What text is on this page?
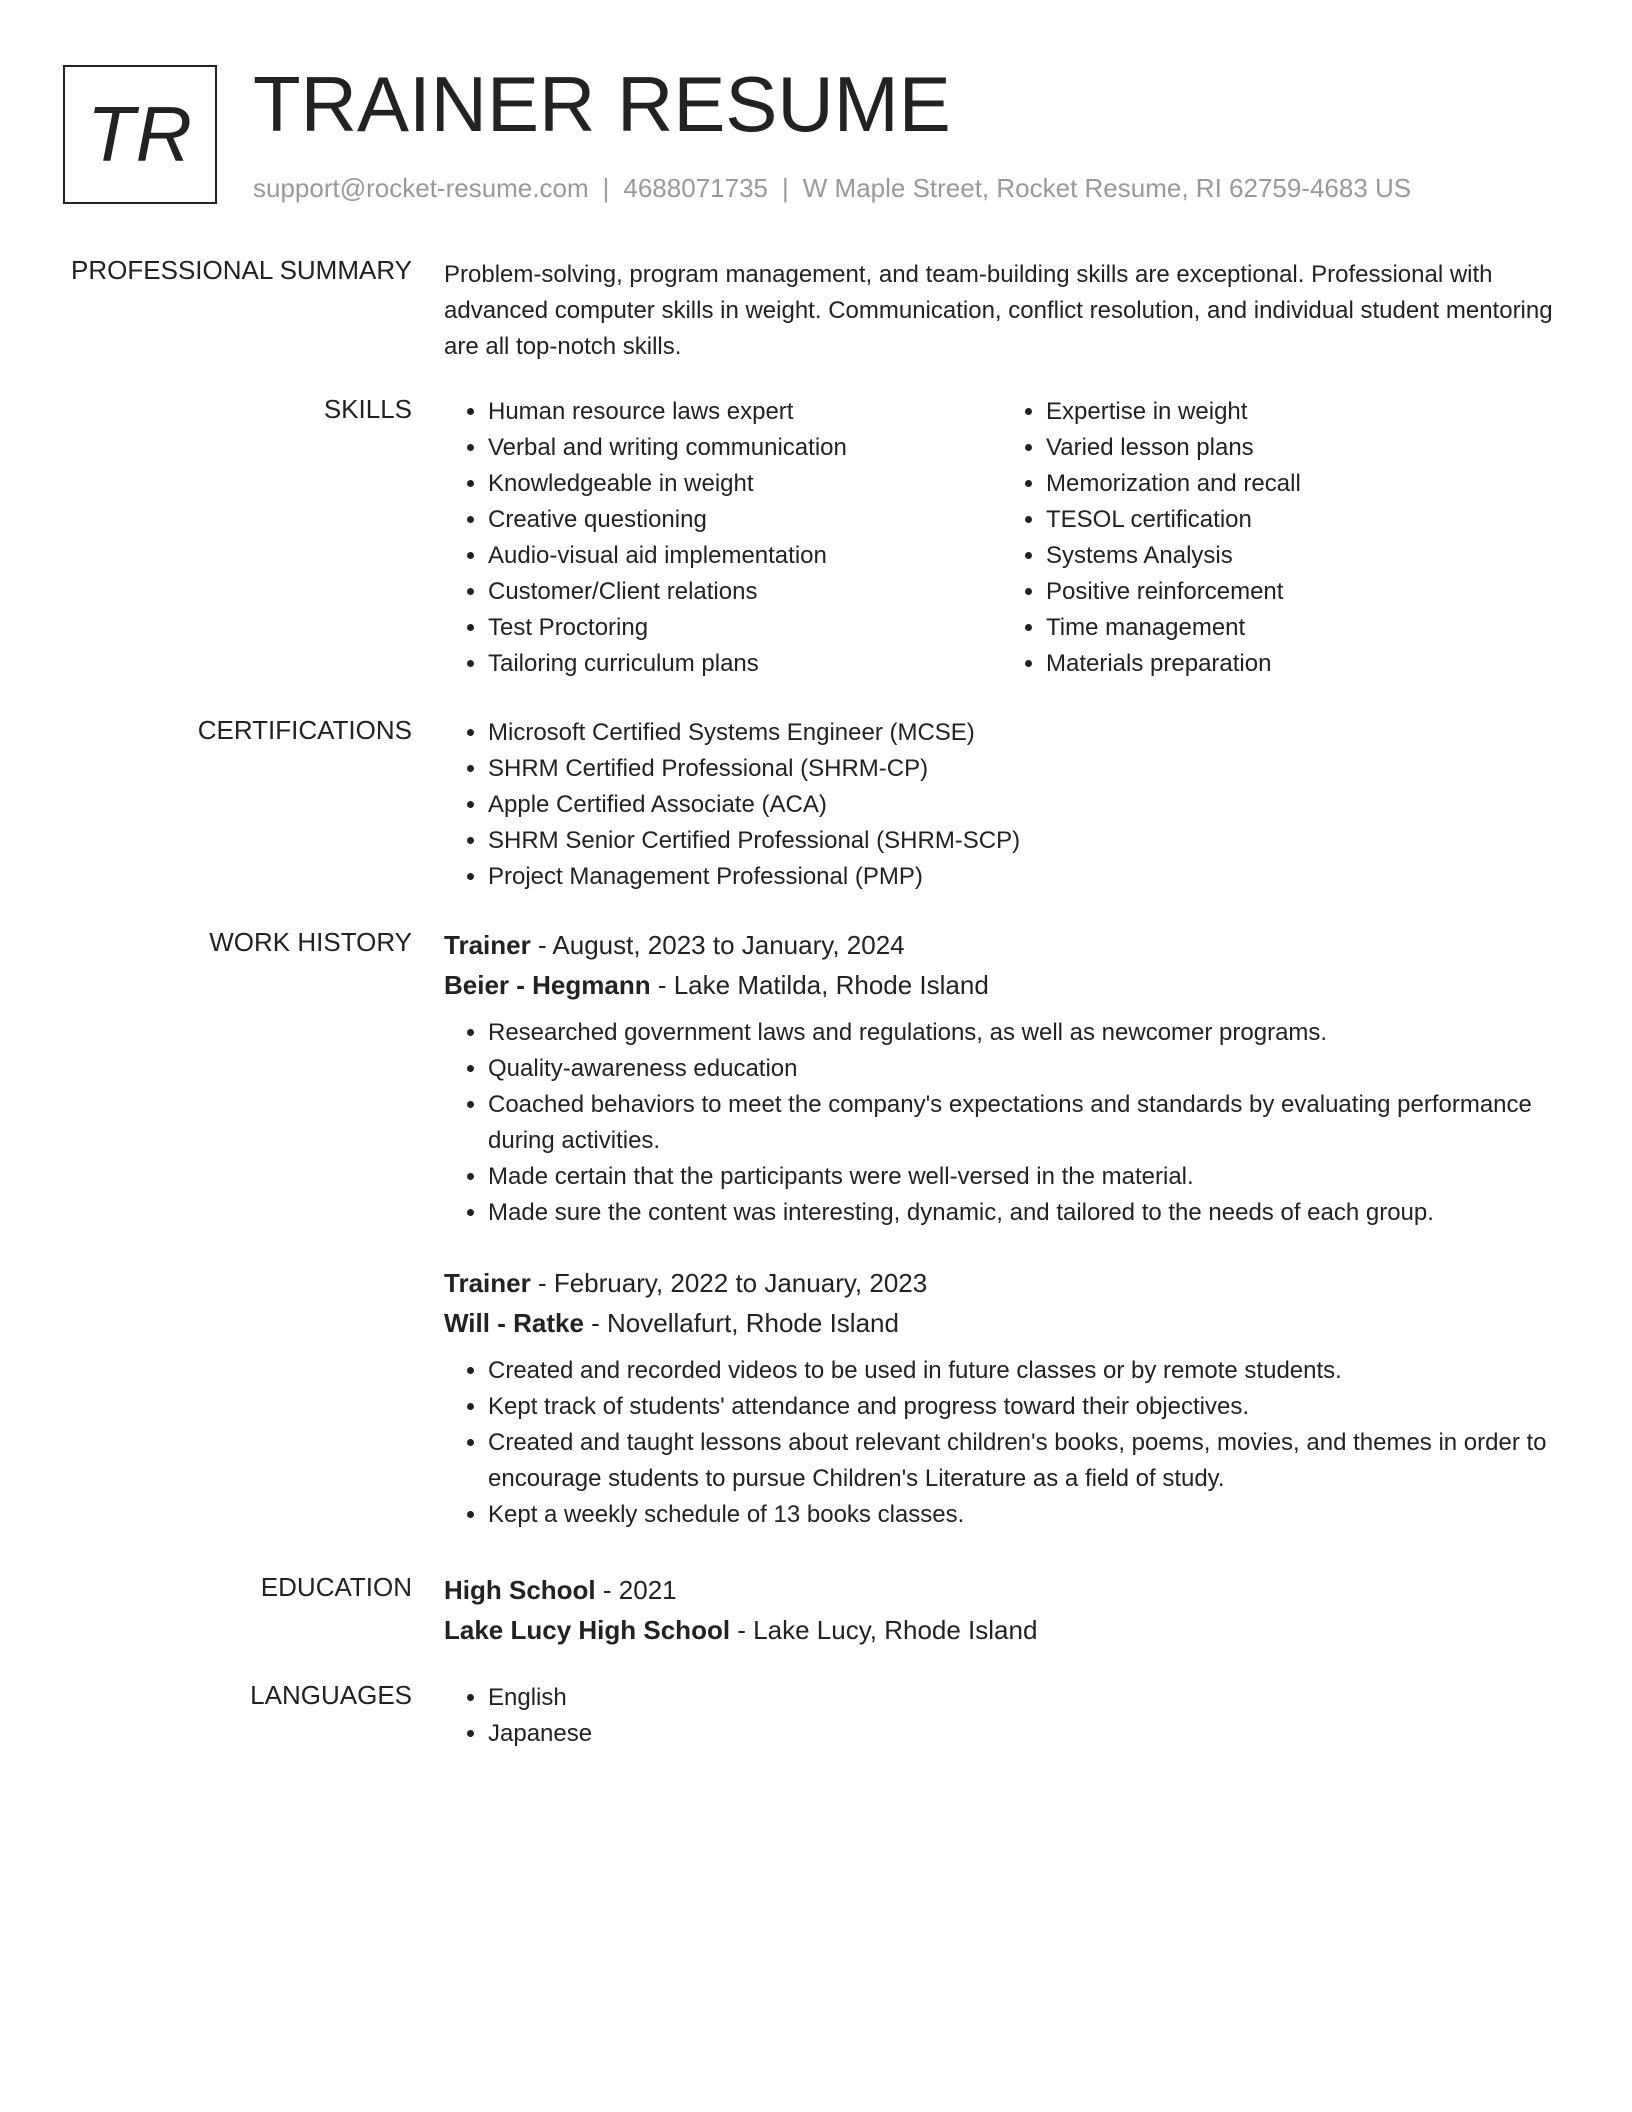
TR TRAINER RESUME
support@rocket-resume.com | 4688071735 | W Maple Street, Rocket Resume, RI 62759-4683 US
PROFESSIONAL SUMMARY Problem-solving, program management, and team-building skills are exceptional. Professional with advanced computer skills in weight. Communication, conflict resolution, and individual student mentoring are all top-notch skills.

SKILLS	• Human resource laws expert
• Verbal and writing communication
• Knowledgeable in weight
• Creative questioning
• Audio-visual aid implementation
• Customer/Client relations
• Test Proctoring
• Tailoring curriculum plans
• Expertise in weight
• Varied lesson plans
• Memorization and recall
• TESOL certification
• Systems Analysis
• Positive reinforcement
• Time management
• Materials preparation
CERTIFICATIONS	• Microsoft Certified Systems Engineer (MCSE)
• SHRM Certified Professional (SHRM-CP)
• Apple Certified Associate (ACA)
• SHRM Senior Certified Professional (SHRM-SCP)
• Project Management Professional (PMP)
WORK HISTORY Trainer - August, 2023 to January, 2024
Beier - Hegmann - Lake Matilda, Rhode Island
• Researched government laws and regulations, as well as newcomer programs.
• Quality-awareness education
• Coached behaviors to meet the company's expectations and standards by evaluating performance during activities.
• Made certain that the participants were well-versed in the material.
• Made sure the content was interesting, dynamic, and tailored to the needs of each group.
Trainer - February, 2022 to January, 2023
Will - Ratke - Novellafurt, Rhode Island
• Created and recorded videos to be used in future classes or by remote students.
• Kept track of students' attendance and progress toward their objectives.
• Created and taught lessons about relevant children's books, poems, movies, and themes in order to encourage students to pursue Children's Literature as a field of study.
• Kept a weekly schedule of 13 books classes.
EDUCATION High School - 2021
Lake Lucy High School - Lake Lucy, Rhode Island
LANGUAGES	• English
• Japanese
